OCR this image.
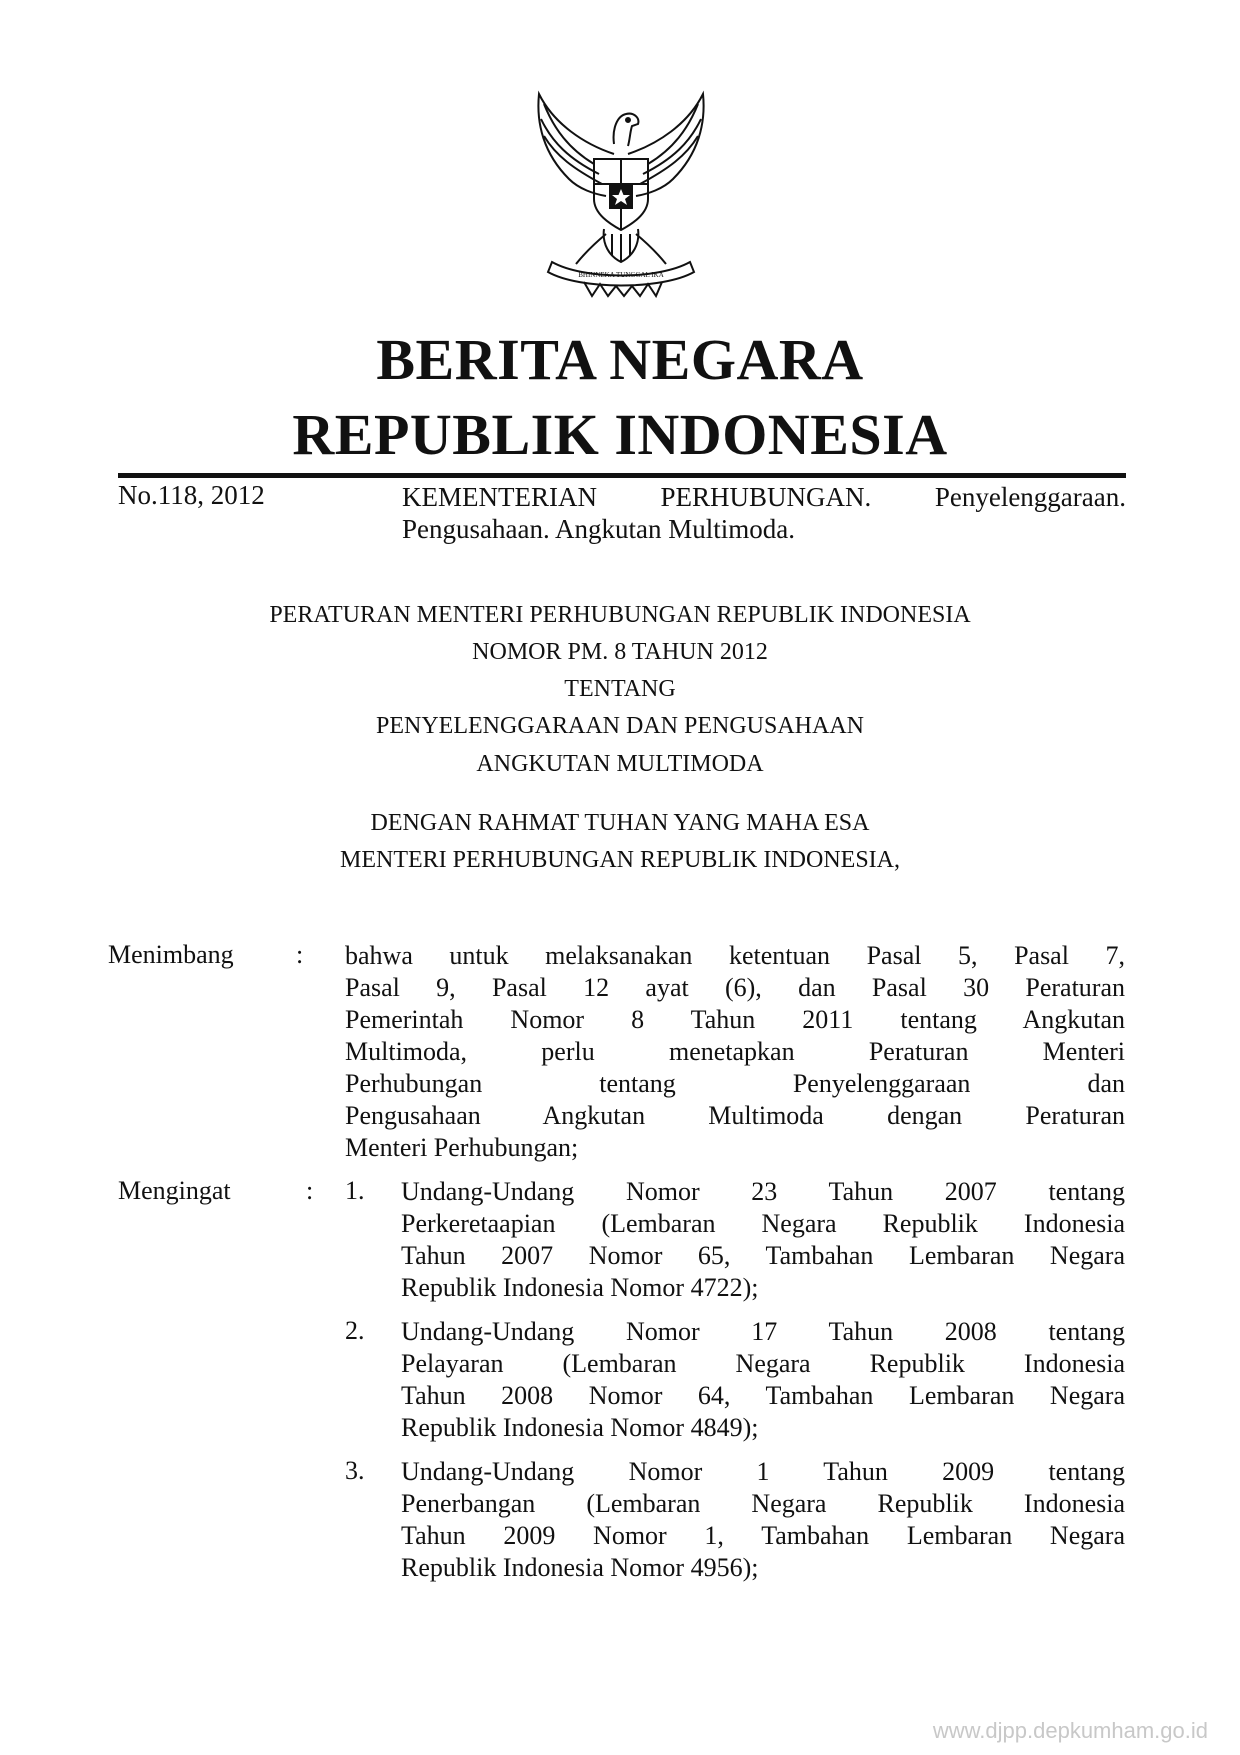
BHINNEKA TUNGGAL IKA
BERITA NEGARA
REPUBLIK INDONESIA
No.118, 2012	KEMENTERIAN PERHUBUNGAN. Penyelenggaraan.
Pengusahaan. Angkutan Multimoda.
PERATURAN MENTERI PERHUBUNGAN REPUBLIK INDONESIA
NOMOR PM. 8 TAHUN 2012
TENTANG
PENYELENGGARAAN DAN PENGUSAHAAN
ANGKUTAN MULTIMODA
DENGAN RAHMAT TUHAN YANG MAHA ESA
MENTERI PERHUBUNGAN REPUBLIK INDONESIA,
Menimbang : bahwa untuk melaksanakan ketentuan Pasal 5, Pasal 7,
Pasal 9, Pasal 12 ayat (6), dan Pasal 30 Peraturan
Pemerintah Nomor 8 Tahun 2011 tentang Angkutan
Multimoda, perlu menetapkan Peraturan Menteri
Perhubungan tentang Penyelenggaraan dan
Pengusahaan Angkutan Multimoda dengan Peraturan
Menteri Perhubungan;
Mengingat	: 1. Undang-Undang Nomor 23 Tahun 2007 tentang
Perkeretaapian (Lembaran Negara Republik Indonesia
Tahun 2007 Nomor 65, Tambahan Lembaran Negara
Republik Indonesia Nomor 4722);
2. Undang-Undang Nomor 17 Tahun 2008 tentang
Pelayaran (Lembaran Negara Republik Indonesia
Tahun 2008 Nomor 64, Tambahan Lembaran Negara
Republik Indonesia Nomor 4849);
3. Undang-Undang Nomor 1 Tahun 2009 tentang
Penerbangan (Lembaran Negara Republik Indonesia
Tahun 2009 Nomor 1, Tambahan Lembaran Negara
Republik Indonesia Nomor 4956);
www.djpp.depkumham.go.id
